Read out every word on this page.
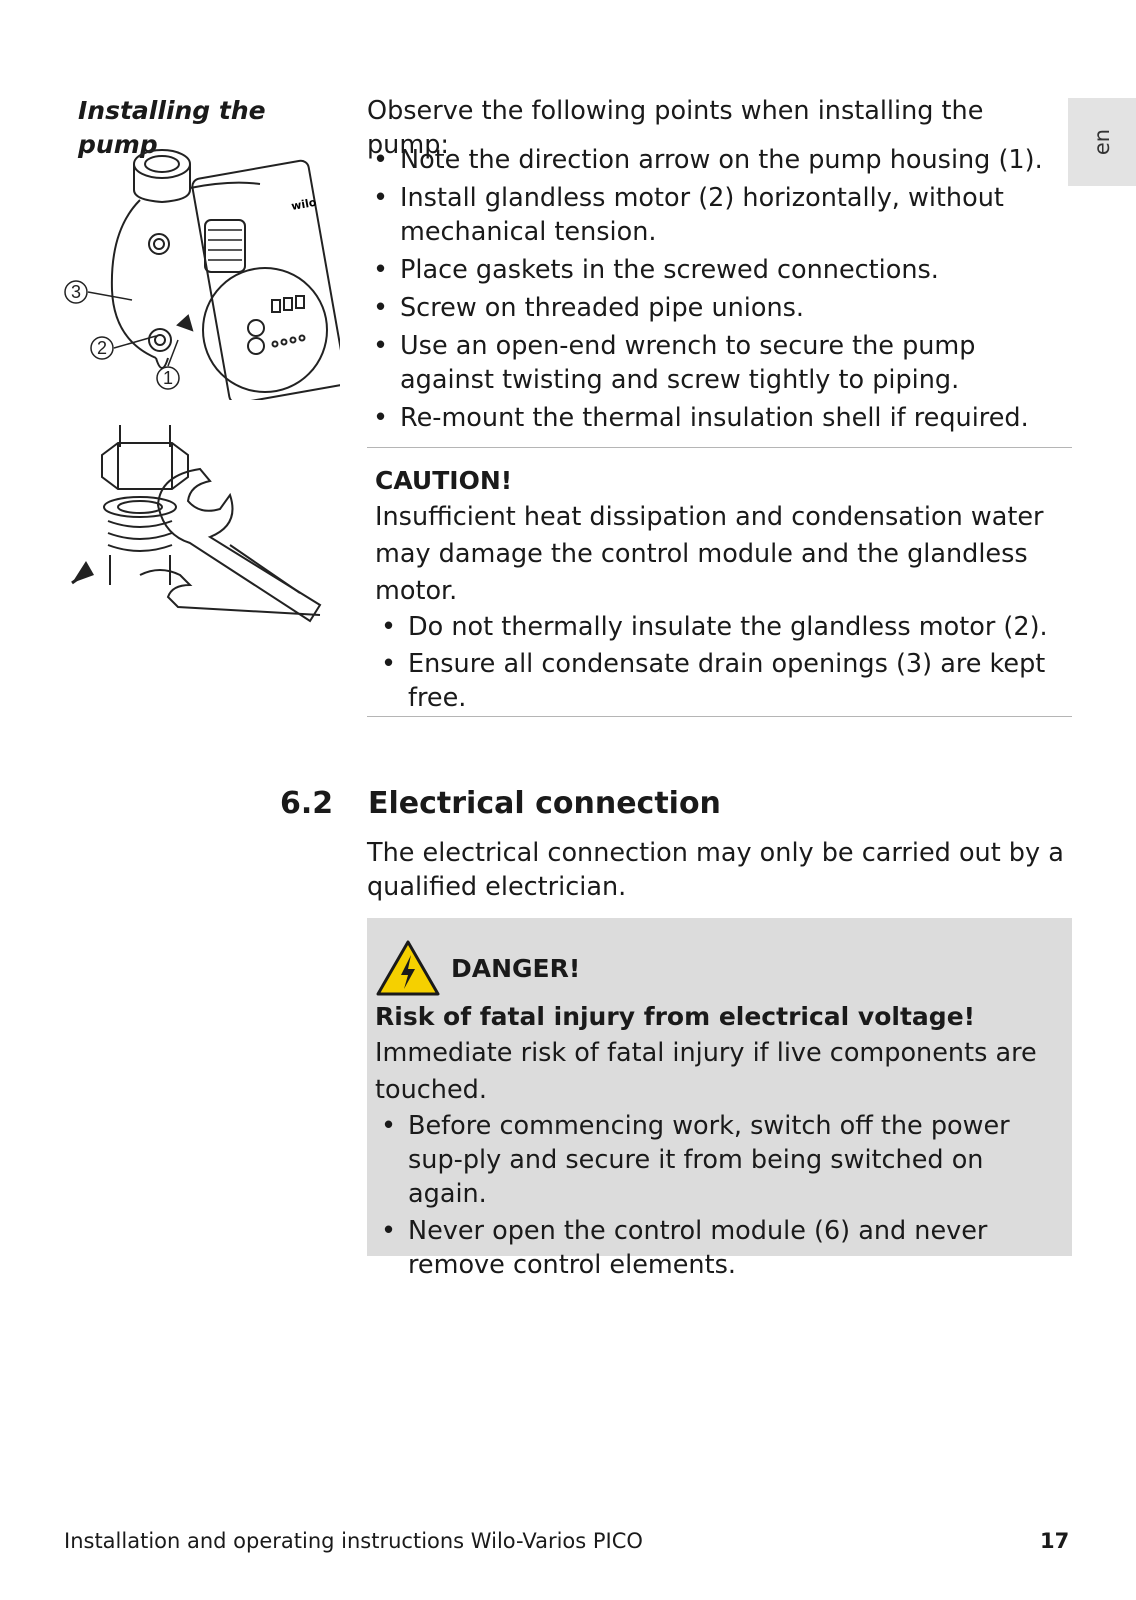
Installing the pump	en
wilo
3
2
1
Observe the following points when installing the pump:
• Note the direction arrow on the pump housing (1).
• Install glandless motor (2) horizontally, without mechanical tension.
• Place gaskets in the screwed connections.
• Screw on threaded pipe unions.
• Use an open-end wrench to secure the pump against twisting and screw tightly to piping.
• Re-mount the thermal insulation shell if required.
CAUTION!
Insufficient heat dissipation and condensation water may damage the control module and the glandless motor.
• Do not thermally insulate the glandless motor (2).
• Ensure all condensate drain openings (3) are kept free.
6.2 Electrical connection
The electrical connection may only be carried out by a qualified electrician.
DANGER!
Risk of fatal injury from electrical voltage!
Immediate risk of fatal injury if live components are touched.
• Before commencing work, switch off the power sup-ply and secure it from being switched on again.
• Never open the control module (6) and never remove control elements.
Installation and operating instructions Wilo-Varios PICO	17
